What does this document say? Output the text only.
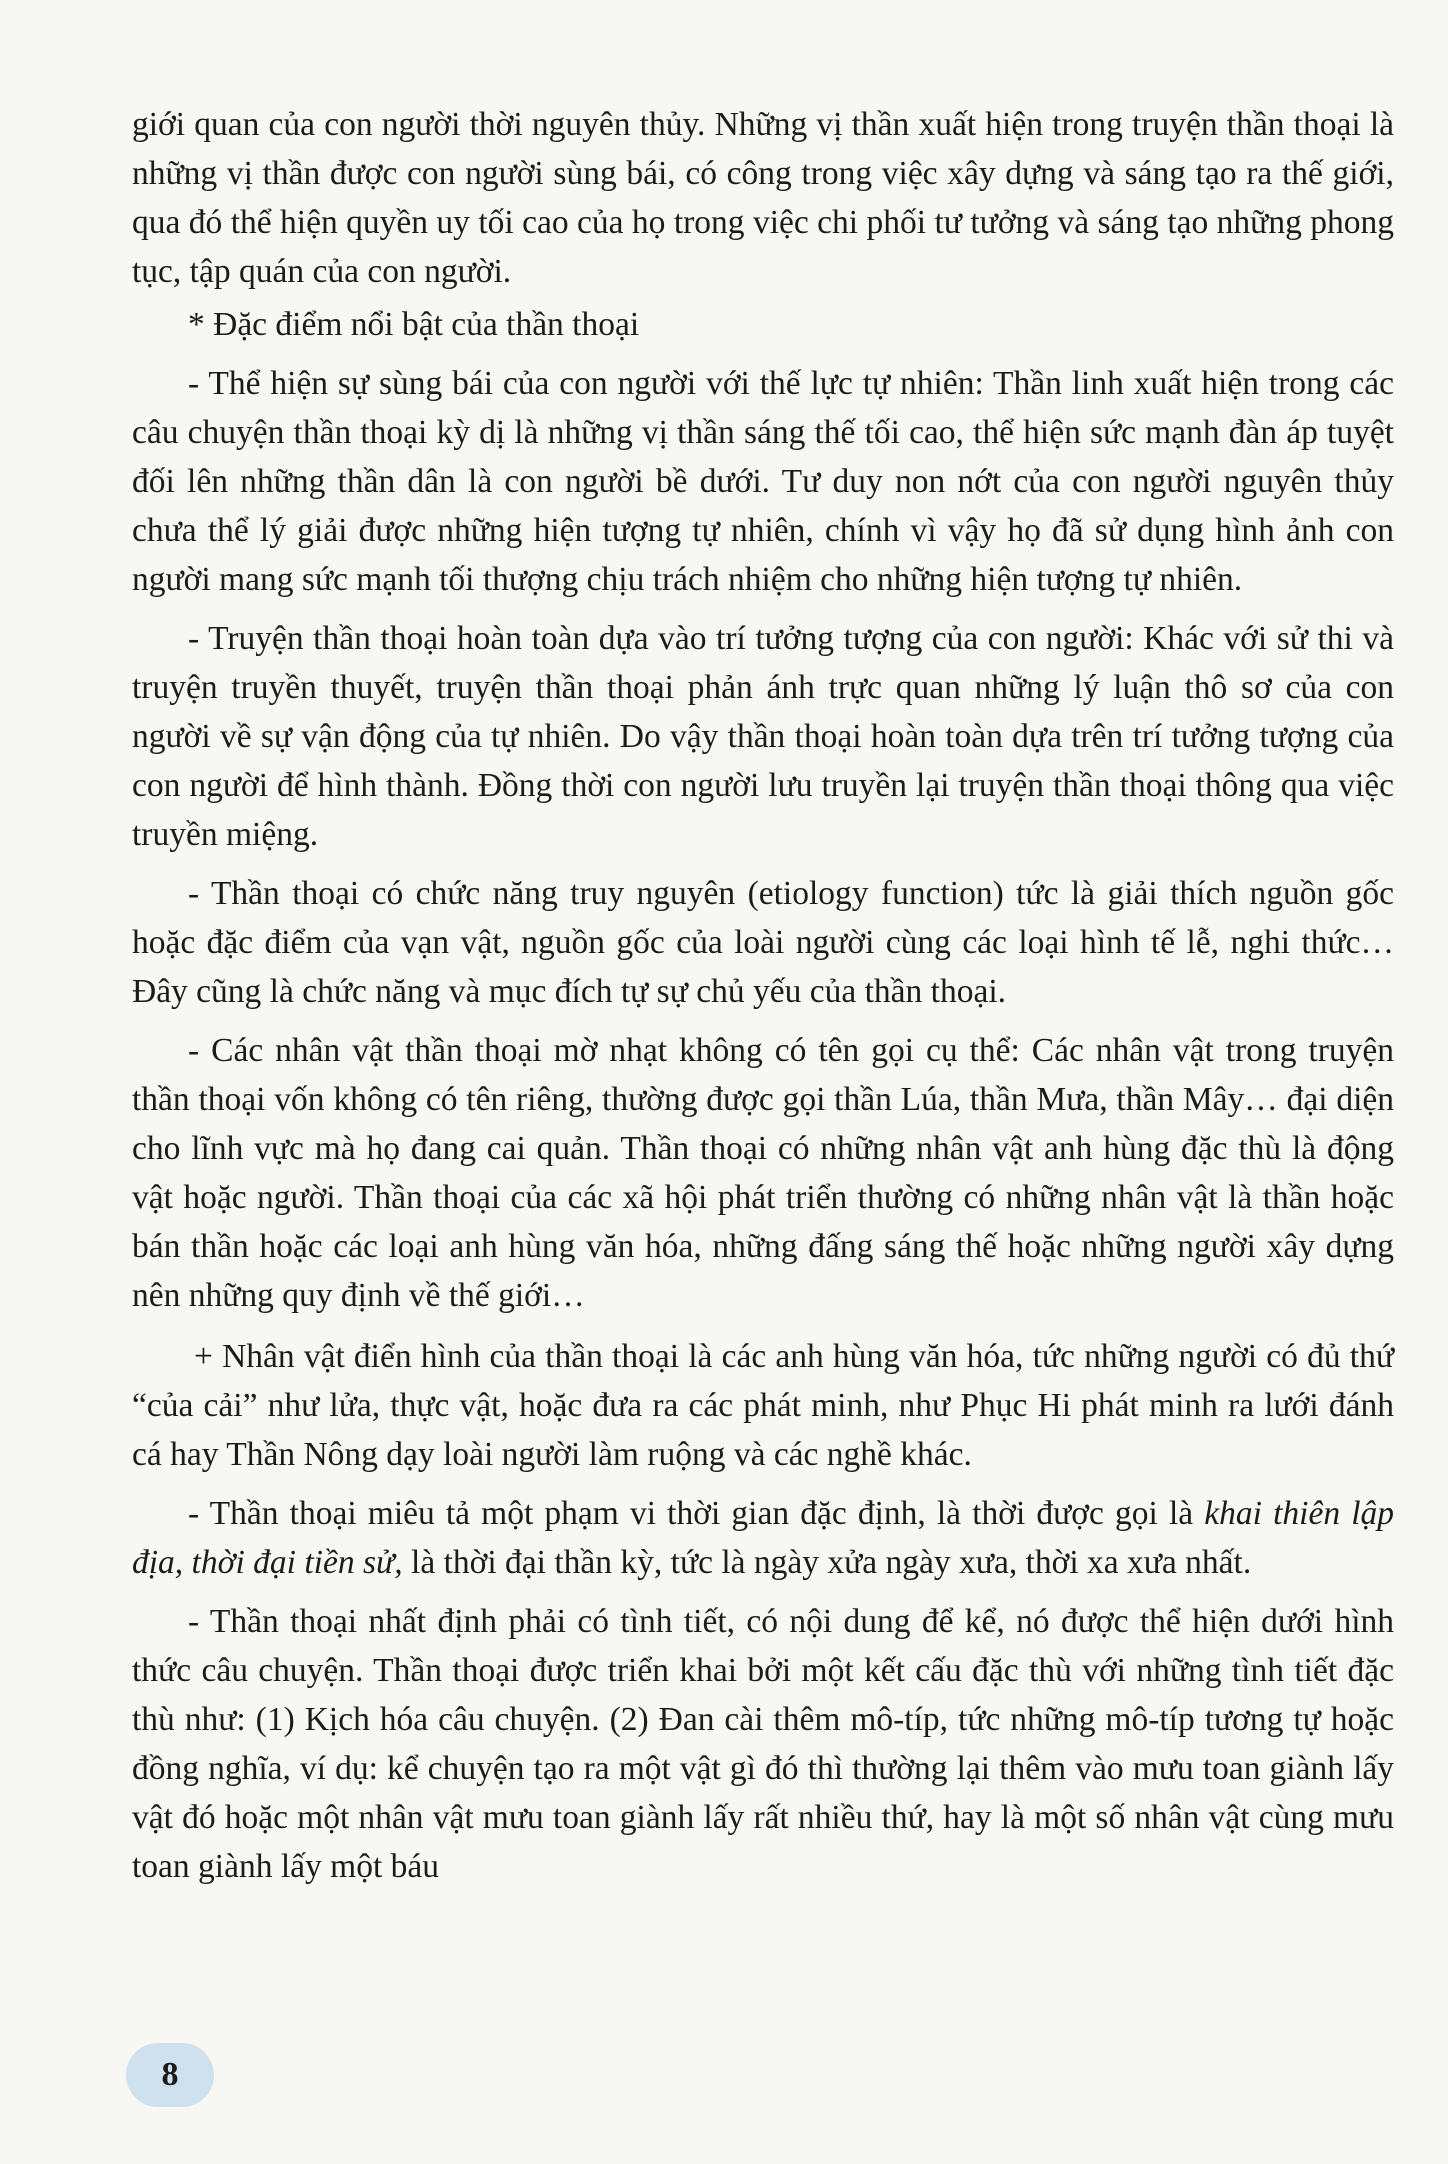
giới quan của con người thời nguyên thủy. Những vị thần xuất hiện trong truyện thần thoại là những vị thần được con người sùng bái, có công trong việc xây dựng và sáng tạo ra thế giới, qua đó thể hiện quyền uy tối cao của họ trong việc chi phối tư tưởng và sáng tạo những phong tục, tập quán của con người.

* Đặc điểm nổi bật của thần thoại

- Thể hiện sự sùng bái của con người với thế lực tự nhiên: Thần linh xuất hiện trong các câu chuyện thần thoại kỳ dị là những vị thần sáng thế tối cao, thể hiện sức mạnh đàn áp tuyệt đối lên những thần dân là con người bề dưới. Tư duy non nớt của con người nguyên thủy chưa thể lý giải được những hiện tượng tự nhiên, chính vì vậy họ đã sử dụng hình ảnh con người mang sức mạnh tối thượng chịu trách nhiệm cho những hiện tượng tự nhiên.

- Truyện thần thoại hoàn toàn dựa vào trí tưởng tượng của con người: Khác với sử thi và truyện truyền thuyết, truyện thần thoại phản ánh trực quan những lý luận thô sơ của con người về sự vận động của tự nhiên. Do vậy thần thoại hoàn toàn dựa trên trí tưởng tượng của con người để hình thành. Đồng thời con người lưu truyền lại truyện thần thoại thông qua việc truyền miệng.

- Thần thoại có chức năng truy nguyên (etiology function) tức là giải thích nguồn gốc hoặc đặc điểm của vạn vật, nguồn gốc của loài người cùng các loại hình tế lễ, nghi thức… Đây cũng là chức năng và mục đích tự sự chủ yếu của thần thoại.

- Các nhân vật thần thoại mờ nhạt không có tên gọi cụ thể: Các nhân vật trong truyện thần thoại vốn không có tên riêng, thường được gọi thần Lúa, thần Mưa, thần Mây… đại diện cho lĩnh vực mà họ đang cai quản. Thần thoại có những nhân vật anh hùng đặc thù là động vật hoặc người. Thần thoại của các xã hội phát triển thường có những nhân vật là thần hoặc bán thần hoặc các loại anh hùng văn hóa, những đấng sáng thế hoặc những người xây dựng nên những quy định về thế giới…

+ Nhân vật điển hình của thần thoại là các anh hùng văn hóa, tức những người có đủ thứ “của cải” như lửa, thực vật, hoặc đưa ra các phát minh, như Phục Hi phát minh ra lưới đánh cá hay Thần Nông dạy loài người làm ruộng và các nghề khác.

- Thần thoại miêu tả một phạm vi thời gian đặc định, là thời được gọi là khai thiên lập địa, thời đại tiền sử, là thời đại thần kỳ, tức là ngày xửa ngày xưa, thời xa xưa nhất.

- Thần thoại nhất định phải có tình tiết, có nội dung để kể, nó được thể hiện dưới hình thức câu chuyện. Thần thoại được triển khai bởi một kết cấu đặc thù với những tình tiết đặc thù như: (1) Kịch hóa câu chuyện. (2) Đan cài thêm mô-típ, tức những mô-típ tương tự hoặc đồng nghĩa, ví dụ: kể chuyện tạo ra một vật gì đó thì thường lại thêm vào mưu toan giành lấy vật đó hoặc một nhân vật mưu toan giành lấy rất nhiều thứ, hay là một số nhân vật cùng mưu toan giành lấy một báu

8
